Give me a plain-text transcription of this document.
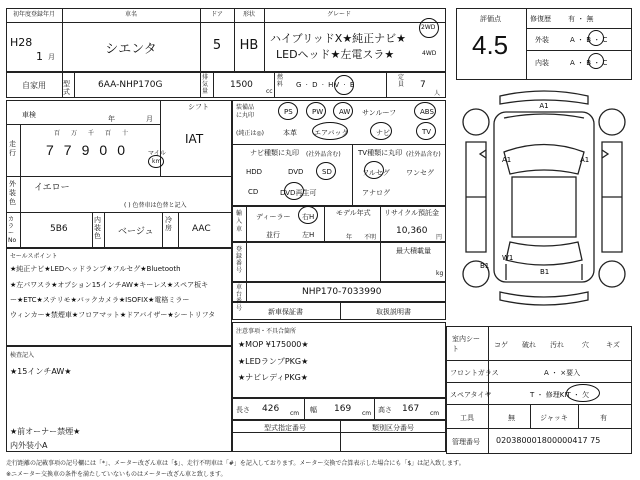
初年度登録年月
H28
1 月
車名
シエンタ
ドア
5
形状
HB
グレード
ハイブリッドX★純正ナビ★
LEDヘッド★左電スラ★
2WD
4WD
自家用 型式
6AA-NHP170G
排気量
1500
cc
燃料	G · D · HV · E
定員	7
人
評価点
4.5
修復歴 有 ・ 無
外装	A ・ B ・ C
内装	A ・ B ・ C
車検	年	月
シフト
IAT
走行
百万千百十
77900 マイル
km
外装色
イエロー
( ) 色替車は色替と記入
カラーNo
5B6
内装色 ベージュ
冷房 AAC
装備品に丸印
(純正は◎)
PS	PW AW サンルーフ	ABS
本革 エアバック	ナビ	TV
ナビ種類に丸印 (社外品含む)
HDD	DVD	SD
CD	DVD再生可
TV種類に丸印 (社外品含む)
フルセグ ワンセグ
アナログ
輸入車
ディーラー
並行
右H
左H
モデル年式
年 不明
リサイクル預託金
10,360
円
登録番号
最大積載量
kg
車台番号
NHP170-7033990
新車保証書	取扱説明書
セールスポイント
★純正ナビ★LEDヘッドランプ★フルセグ★Bluetooth
★左パワスラ★オプション15インチAW★キーレス★スペア板キ
ー★ETC★ステリモ★バックカメラ★ISOFIX★電格ミラー
ウィンカー★禁煙車★フロアマット★ドアバイザー★シートリフタ
検査記入
★15インチAW★
★前オーナー禁煙★
内外装小A
注意事項・不具合箇所
★MOP ¥175000★
★LEDランプPKG★
★ナビレディPKG★
長さ 426 cm 幅 169 cm 高さ 167 cm
型式指定番号	類別区分番号
A1
A1	A1
B1
B1
W1
室内シート	コゲ 破れ 汚れ	穴 キズ
フロントガラス	A ・ ×要入
スペアタイヤ	T ・ 修理KIT ・ 欠
工具	無	ジャッキ	有
管理番号 020380001800000417 75
走行距離の記載事項の記号欄には「*」、メーター改ざん車は「$」、走行不明車は「#」を記入しております。メーター交換で合算表示した場合にも「$」は記入致します。
※ニメーター交換車の条件を満たしていないものはメーター改ざん車と致します。
